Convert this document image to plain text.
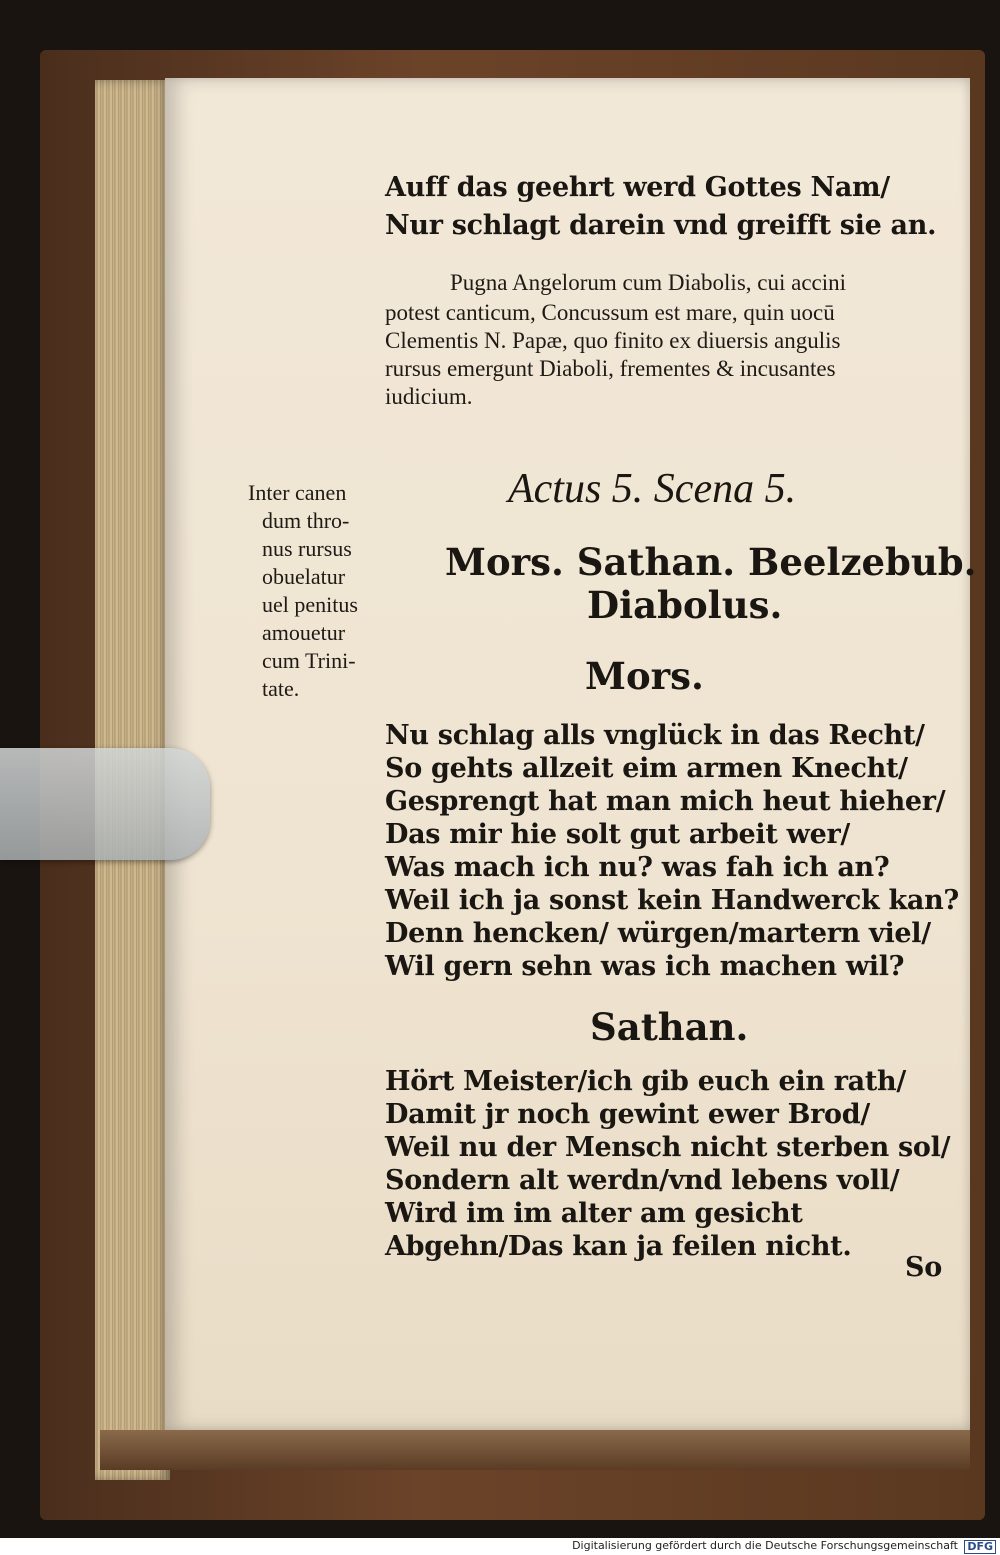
Auff das geehrt werd Gottes Nam/
Nur schlagt darein vnd greifft sie an.
Pugna Angelorum cum Diabolis, cui accini
potest canticum, Concussum est mare, quin uocū
Clementis N. Papæ, quo finito ex diuersis angulis
rursus emergunt Diaboli, frementes & incusantes
iudicium.
Inter canen
dum thro-
nus rursus
obuelatur
uel penitus
amouetur
cum Trini-
tate.
Actus 5. Scena 5.
Mors. Sathan. Beelzebub.
Diabolus.
Mors.
Nu schlag alls vnglück in das Recht/
So gehts allzeit eim armen Knecht/
Gesprengt hat man mich heut hieher/
Das mir hie solt gut arbeit wer/
Was mach ich nu? was fah ich an?
Weil ich ja sonst kein Handwerck kan?
Denn hencken/ würgen/martern viel/
Wil gern sehn was ich machen wil?
Sathan.
Hört Meister/ich gib euch ein rath/
Damit jr noch gewint ewer Brod/
Weil nu der Mensch nicht sterben sol/
Sondern alt werdn/vnd lebens voll/
Wird im im alter am gesicht
Abgehn/Das kan ja feilen nicht.
So
Digitalisierung gefördert durch die Deutsche Forschungsgemeinschaft DFG
